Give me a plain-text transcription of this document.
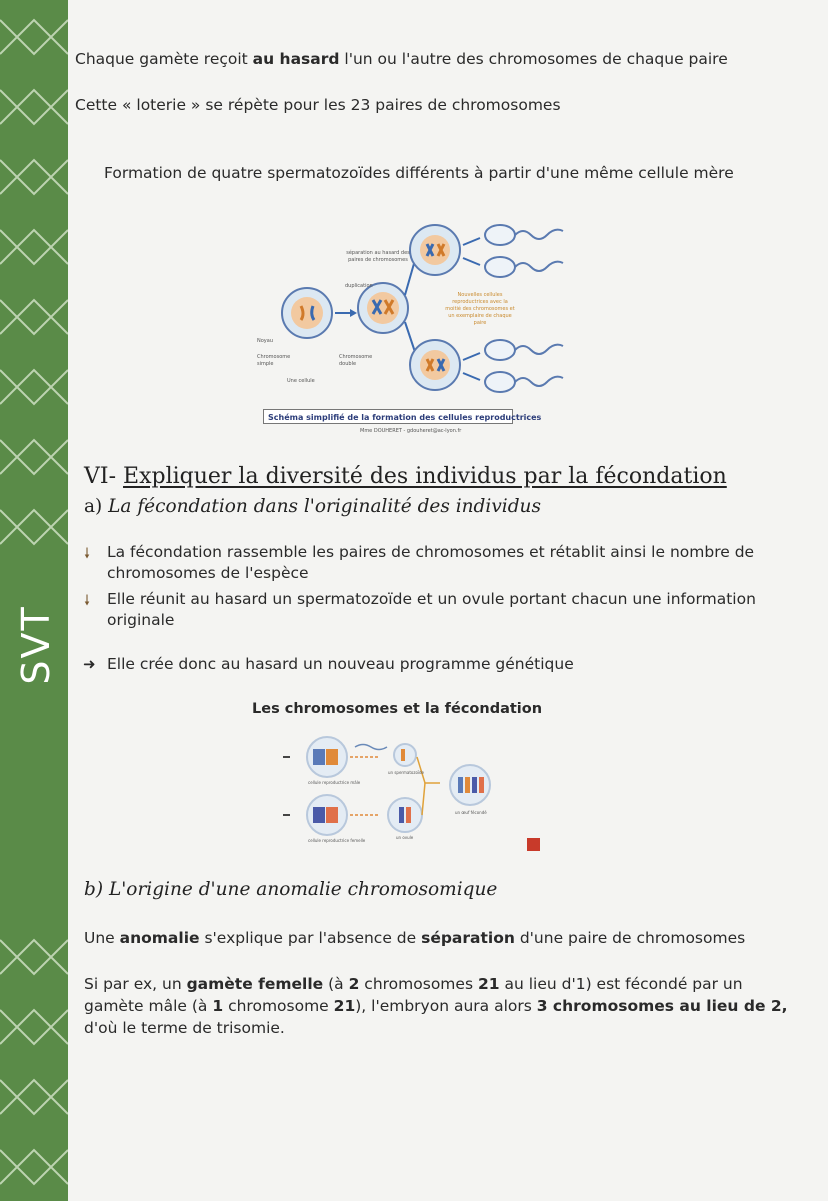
SVT
Chaque gamète reçoit au hasard l'un ou l'autre des chromosomes de chaque paire
Cette « loterie » se répète pour les 23 paires de chromosomes
Formation de quatre spermatozoïdes différents à partir d'une même cellule mère
séparation au hasard des paires de chromosomes
duplication
Noyau
Chromosome simple
Chromosome double
Une cellule
Nouvelles cellules reproductrices avec la moitié des chromosomes et un exemplaire de chaque paire
Schéma simplifié de la formation des cellules reproductrices
Mme DOUHERET - gdouheret@ac-lyon.fr
VI- Expliquer la diversité des individus par la fécondation
a) La fécondation dans l'originalité des individus
🠗 La fécondation rassemble les paires de chromosomes et rétablit ainsi le nombre de chromosomes de l'espèce
🠗 Elle réunit au hasard un spermatozoïde et un ovule portant chacun une information originale
➜ Elle crée donc au hasard un nouveau programme génétique
Les chromosomes et la fécondation
cellule reproductrice mâle
cellule reproductrice femelle
un spermatozoïde
un ovule
un œuf fécondé
b) L'origine d'une anomalie chromosomique
Une anomalie s'explique par l'absence de séparation d'une paire de chromosomes
Si par ex, un gamète femelle (à 2 chromosomes 21 au lieu d'1) est fécondé par un
gamète mâle (à 1 chromosome 21), l'embryon aura alors 3 chromosomes au lieu de 2,
d'où le terme de trisomie.
